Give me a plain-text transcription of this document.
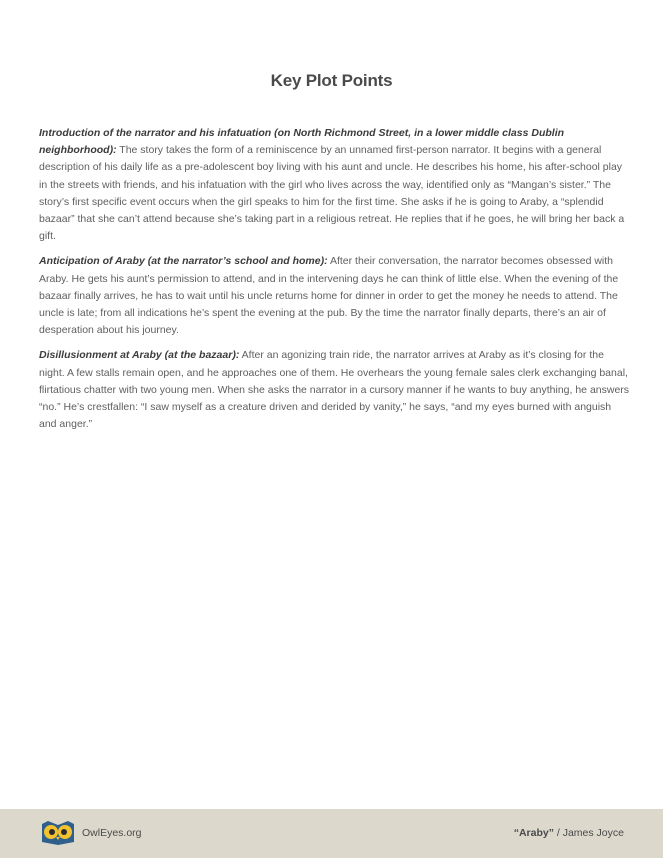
Key Plot Points

Introduction of the narrator and his infatuation (on North Richmond Street, in a lower middle class Dublin neighborhood): The story takes the form of a reminiscence by an unnamed first-person narrator. It begins with a general description of his daily life as a pre-adolescent boy living with his aunt and uncle. He describes his home, his after-school play in the streets with friends, and his infatuation with the girl who lives across the way, identified only as “Mangan’s sister.” The story’s first specific event occurs when the girl speaks to him for the first time. She asks if he is going to Araby, a “splendid bazaar” that she can’t attend because she’s taking part in a religious retreat. He replies that if he goes, he will bring her back a gift.

Anticipation of Araby (at the narrator’s school and home): After their conversation, the narrator becomes obsessed with Araby. He gets his aunt’s permission to attend, and in the intervening days he can think of little else. When the evening of the bazaar finally arrives, he has to wait until his uncle returns home for dinner in order to get the money he needs to attend. The uncle is late; from all indications he’s spent the evening at the pub. By the time the narrator finally departs, there’s an air of desperation about his journey.

Disillusionment at Araby (at the bazaar): After an agonizing train ride, the narrator arrives at Araby as it’s closing for the night. A few stalls remain open, and he approaches one of them. He overhears the young female sales clerk exchanging banal, flirtatious chatter with two young men. When she asks the narrator in a cursory manner if he wants to buy anything, he answers “no.” He’s crestfallen: “I saw myself as a creature driven and derided by vanity,” he says, “and my eyes burned with anguish and anger.”

OwlEyes.org	“Araby” / James Joyce
